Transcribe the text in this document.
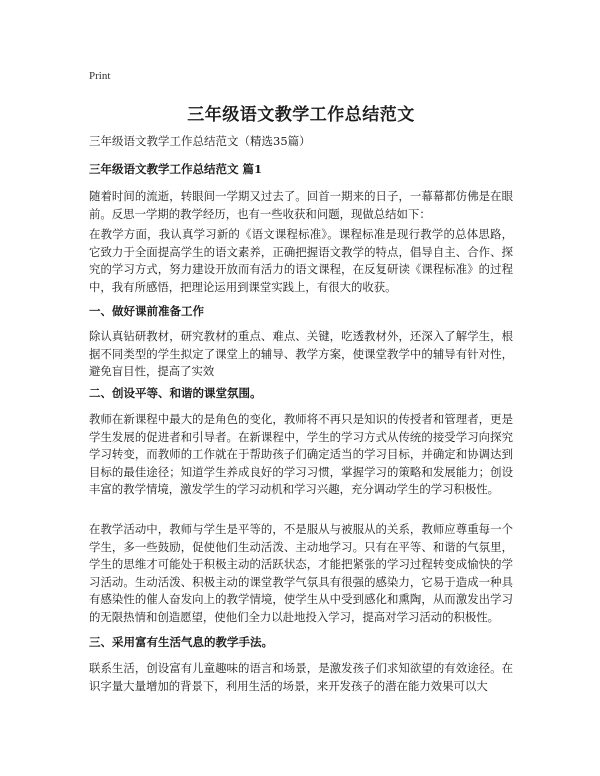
Print
三年级语文教学工作总结范文
三年级语文教学工作总结范文（精选35篇）
三年级语文教学工作总结范文 篇1
随着时间的流逝，转眼间一学期又过去了。回首一期来的日子，一幕幕都仿佛是在眼前。反思一学期的教学经历，也有一些收获和问题，现做总结如下：
在教学方面，我认真学习新的《语文课程标准》。课程标准是现行教学的总体思路，它致力于全面提高学生的语文素养，正确把握语文教学的特点，倡导自主、合作、探究的学习方式，努力建设开放而有活力的语文课程，在反复研读《课程标准》的过程中，我有所感悟，把理论运用到课堂实践上，有很大的收获。
一、做好课前准备工作
除认真钻研教材，研究教材的重点、难点、关键，吃透教材外，还深入了解学生，根据不同类型的学生拟定了课堂上的辅导、教学方案，使课堂教学中的辅导有针对性，避免盲目性，提高了实效
二、创设平等、和谐的课堂氛围。
教师在新课程中最大的是角色的变化，教师将不再只是知识的传授者和管理者，更是学生发展的促进者和引导者。在新课程中，学生的学习方式从传统的接受学习向探究学习转变，而教师的工作就在于帮助孩子们确定适当的学习目标，并确定和协调达到目标的最佳途径；知道学生养成良好的学习习惯，掌握学习的策略和发展能力；创设丰富的教学情境，激发学生的学习动机和学习兴趣，充分调动学生的学习积极性。
在教学活动中，教师与学生是平等的，不是服从与被服从的关系，教师应尊重每一个学生，多一些鼓励，促使他们生动活泼、主动地学习。只有在平等、和谐的气氛里，学生的思维才可能处于积极主动的活跃状态，才能把紧张的学习过程转变成愉快的学习活动。生动活泼、积极主动的课堂教学气氛具有很强的感染力，它易于造成一种具有感染性的催人奋发向上的教学情境，使学生从中受到感化和熏陶，从而激发出学习的无限热情和创造愿望，使他们全力以赴地投入学习，提高对学习活动的积极性。
三、采用富有生活气息的教学手法。
联系生活，创设富有儿童趣味的语言和场景，是激发孩子们求知欲望的有效途径。在识字量大量增加的背景下，利用生活的场景，来开发孩子的潜在能力效果可以大
